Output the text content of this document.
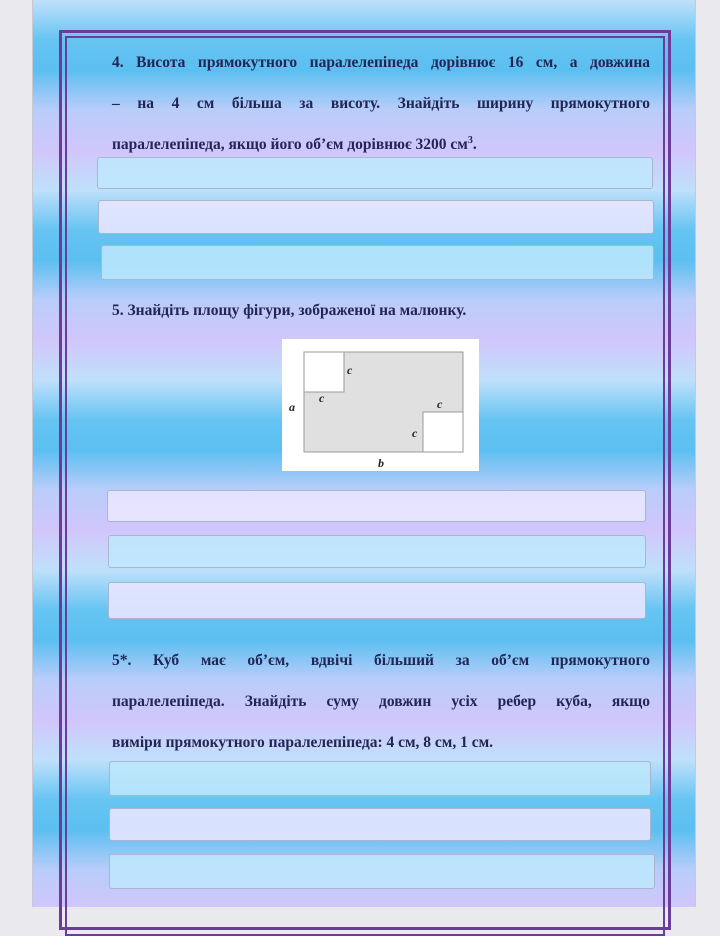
4. Висота прямокутного паралелепіпеда дорівнює 16 см, а довжина
– на 4 см більша за висоту. Знайдіть ширину прямокутного
паралелепіпеда, якщо його об’єм дорівнює 3200 $см^3$.
5. Знайдіть площу фігури, зображеної на малюнку.
a
b
c
c	c
c
5*. Куб має об’єм, вдвічі більший за об’єм прямокутного
паралелепіпеда. Знайдіть суму довжин усіх ребер куба, якщо
виміри прямокутного паралелепіпеда: 4 см, 8 см, 1 см.
